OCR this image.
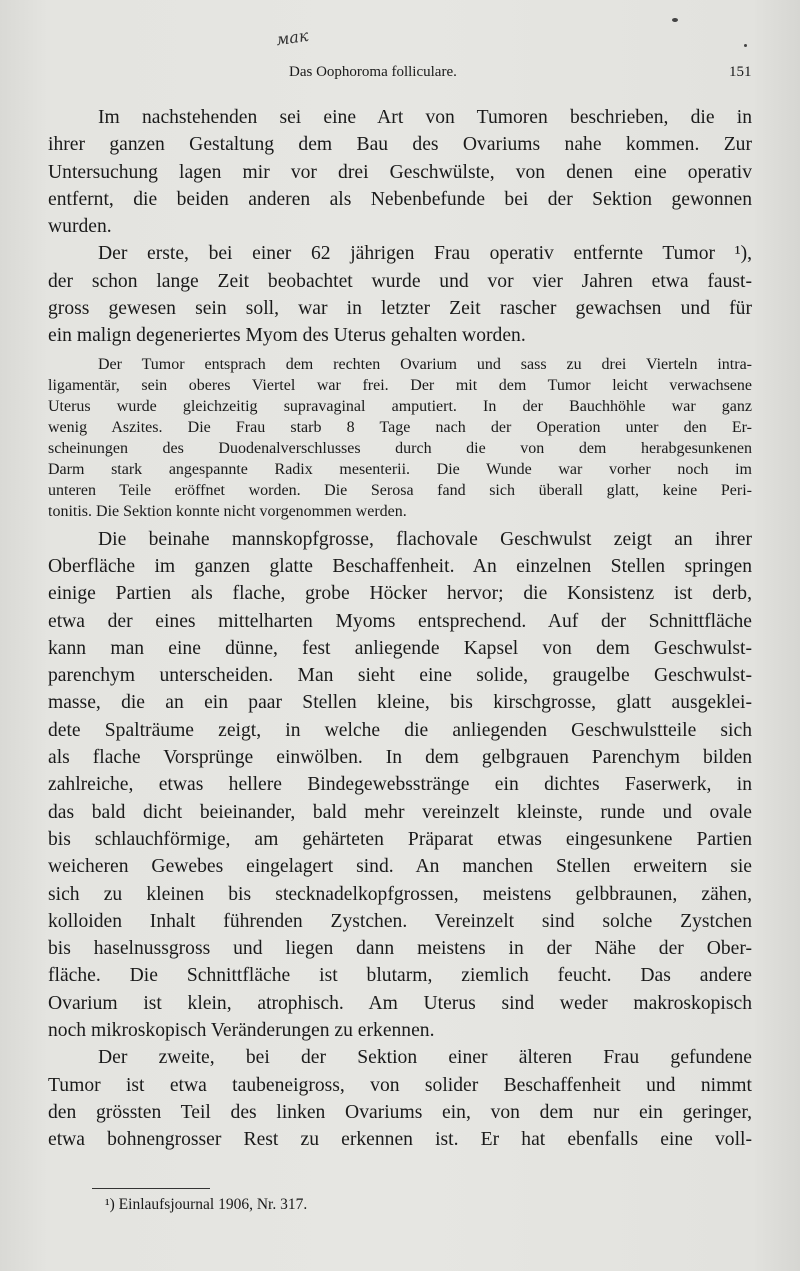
мак
Das Oophoroma folliculare.	151
Im nachstehenden sei eine Art von Tumoren beschrieben, die in
ihrer ganzen Gestaltung dem Bau des Ovariums nahe kommen. Zur
Untersuchung lagen mir vor drei Geschwülste, von denen eine operativ
entfernt, die beiden anderen als Nebenbefunde bei der Sektion gewonnen
wurden.
Der erste, bei einer 62 jährigen Frau operativ entfernte Tumor ¹),
der schon lange Zeit beobachtet wurde und vor vier Jahren etwa faust-
gross gewesen sein soll, war in letzter Zeit rascher gewachsen und für
ein malign degeneriertes Myom des Uterus gehalten worden.
Der Tumor entsprach dem rechten Ovarium und sass zu drei Vierteln intra-
ligamentär, sein oberes Viertel war frei. Der mit dem Tumor leicht verwachsene
Uterus wurde gleichzeitig supravaginal amputiert. In der Bauchhöhle war ganz
wenig Aszites. Die Frau starb 8 Tage nach der Operation unter den Er-
scheinungen des Duodenalverschlusses durch die von dem herabgesunkenen
Darm stark angespannte Radix mesenterii. Die Wunde war vorher noch im
unteren Teile eröffnet worden. Die Serosa fand sich überall glatt, keine Peri-
tonitis. Die Sektion konnte nicht vorgenommen werden.
Die beinahe mannskopfgrosse, flachovale Geschwulst zeigt an ihrer
Oberfläche im ganzen glatte Beschaffenheit. An einzelnen Stellen springen
einige Partien als flache, grobe Höcker hervor; die Konsistenz ist derb,
etwa der eines mittelharten Myoms entsprechend. Auf der Schnittfläche
kann man eine dünne, fest anliegende Kapsel von dem Geschwulst-
parenchym unterscheiden. Man sieht eine solide, graugelbe Geschwulst-
masse, die an ein paar Stellen kleine, bis kirschgrosse, glatt ausgeklei-
dete Spalträume zeigt, in welche die anliegenden Geschwulstteile sich
als flache Vorsprünge einwölben. In dem gelbgrauen Parenchym bilden
zahlreiche, etwas hellere Bindegewebsstränge ein dichtes Faserwerk, in
das bald dicht beieinander, bald mehr vereinzelt kleinste, runde und ovale
bis schlauchförmige, am gehärteten Präparat etwas eingesunkene Partien
weicheren Gewebes eingelagert sind. An manchen Stellen erweitern sie
sich zu kleinen bis stecknadelkopfgrossen, meistens gelbbraunen, zähen,
kolloiden Inhalt führenden Zystchen. Vereinzelt sind solche Zystchen
bis haselnussgross und liegen dann meistens in der Nähe der Ober-
fläche. Die Schnittfläche ist blutarm, ziemlich feucht. Das andere
Ovarium ist klein, atrophisch. Am Uterus sind weder makroskopisch
noch mikroskopisch Veränderungen zu erkennen.
Der zweite, bei der Sektion einer älteren Frau gefundene
Tumor ist etwa taubeneigross, von solider Beschaffenheit und nimmt
den grössten Teil des linken Ovariums ein, von dem nur ein geringer,
etwa bohnengrosser Rest zu erkennen ist. Er hat ebenfalls eine voll-
¹) Einlaufsjournal 1906, Nr. 317.
